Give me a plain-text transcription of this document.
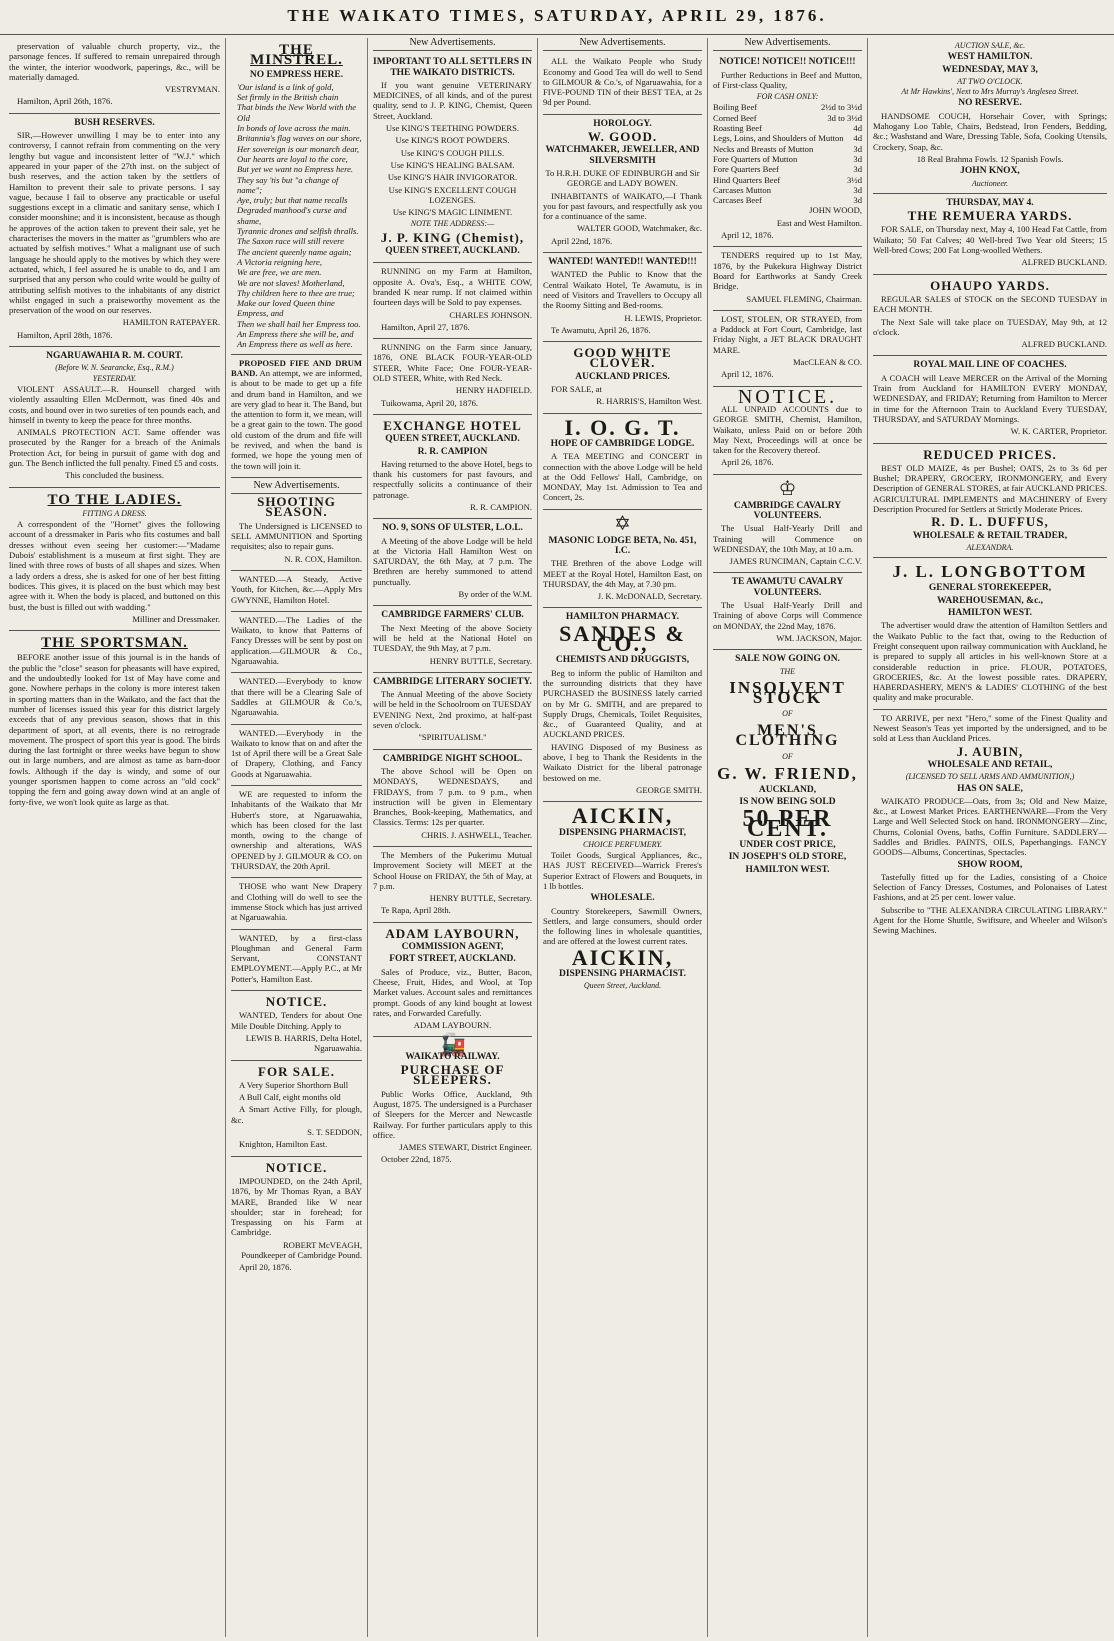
THE WAIKATO TIMES, SATURDAY, APRIL 29, 1876.

preservation of valuable church property, viz., the parsonage fences. If suffered to remain unrepaired through the winter, the interior woodwork, paperings, &c., will be materially damaged.

VESTRYMAN.

Hamilton, April 26th, 1876.

BUSH RESERVES.

SIR,—However unwilling I may be to enter into any controversy, I cannot refrain from commenting on the very lengthy but vague and inconsistent letter of "W.J." which appeared in your paper of the 27th inst. on the subject of bush reserves, and the action taken by the settlers of Hamilton to prevent their sale to private persons. I say vague, because I fail to observe any practicable or useful suggestions except in a climatic and sanitary sense, which I consider moonshine; and it is inconsistent, because as though he approves of the action taken to prevent their sale, yet he characterises the movers in the matter as "grumblers who are actuated by selfish motives." What a malignant use of such language he should apply to the motives by which they were actuated, which, I feel assured he is unable to do, and I am surprised that any person who could write would be guilty of attributing selfish motives to the inhabitants of any district whilst engaged in such a praiseworthy movement as the preservation of the wood on our reserves.

HAMILTON RATEPAYER.

Hamilton, April 28th, 1876.

NGARUAWAHIA R. M. COURT.
(Before W. N. Searancke, Esq., R.M.)
YESTERDAY.

VIOLENT ASSAULT.—R. Hounsell charged with violently assaulting Ellen McDermott, was fined 40s and costs, and bound over in two sureties of ten pounds each, and himself in twenty to keep the peace for three months.

ANIMALS PROTECTION ACT. Same offender was prosecuted by the Ranger for a breach of the Animals Protection Act, for being in pursuit of game with dog and gun. The Bench inflicted the full penalty. Fined £5 and costs.

This concluded the business.

TO THE LADIES.
FITTING A DRESS.

A correspondent of the "Hornet" gives the following account of a dressmaker in Paris who fits costumes and ball dresses without even seeing her customer:—"Madame Dubois' establishment is a museum at first sight. They are lined with three rows of busts of all shapes and sizes. When a lady orders a dress, she is asked for one of her best fitting bodices. This gives, it is placed on the bust which may best agree with it. When the body is placed, and buttoned on this bust, the bust is filled out with wadding."

Milliner and Dressmaker.

THE SPORTSMAN.

BEFORE another issue of this journal is in the hands of the public the "close" season for pheasants will have expired, and the undoubtedly looked for 1st of May have come and gone. Nowhere perhaps in the colony is more interest taken in sporting matters than in the Waikato, and the fact that the number of licenses issued this year for this district largely exceeds that of any previous season, shows that in this department of sport, at all events, there is no retrograde movement. The prospect of sport this year is good. The birds during the last fortnight or three weeks have begun to show out in large numbers, and are almost as tame as barn-door fowls. Although if the day is windy, and some of our younger sportsmen happen to come across an "old cock" topping the fern and going away down wind at an angle of forty-five, we won't look quite as large as that.

THE MINSTREL.
NO EMPRESS HERE.
'Our island is a link of gold,
Set firmly in the British chain
That binds the New World with the Old
In bonds of love across the main.
Britannia's flag waves on our shore,
Her sovereign is our monarch dear,
Our hearts are loyal to the core,
But yet we want no Empress here.
They say 'tis but "a change of name";
Aye, truly; but that name recalls
Degraded manhood's curse and shame,
Tyrannic drones and selfish thralls.
The Saxon race will still revere
The ancient queenly name again;
A Victoria reigning here,
We are free, we are men.
We are not slaves! Motherland,
Thy children here to thee are true;
Make our loved Queen thine Empress, and
Then we shall hail her Empress too.
An Empress there she will be, and
An Empress there as well as here.

PROPOSED FIFE AND DRUM BAND. An attempt, we are informed, is about to be made to get up a fife and drum band in Hamilton, and we are very glad to hear it. The Band, but the attention to form it, we mean, will be a great gain to the town. The good old custom of the drum and fife will be revived, and when the band is formed, we hope the young men of the town will join it.

New Advertisements.
SHOOTING SEASON.

The Undersigned is LICENSED to SELL AMMUNITION and Sporting requisites; also to repair guns.

N. R. COX, Hamilton.

WANTED.—A Steady, Active Youth, for Kitchen, &c.—Apply Mrs GWYNNE, Hamilton Hotel.

WANTED.—The Ladies of the Waikato, to know that Patterns of Fancy Dresses will be sent by post on application.—GILMOUR & Co., Ngaruawahia.

WANTED.—Everybody to know that there will be a Clearing Sale of Saddles at GILMOUR & Co.'s, Ngaruawahia.

WANTED.—Everybody in the Waikato to know that on and after the 1st of April there will be a Great Sale of Drapery, Clothing, and Fancy Goods at Ngaruawahia.

WE are requested to inform the Inhabitants of the Waikato that Mr Hubert's store, at Ngaruawahia, which has been closed for the last month, owing to the change of ownership and alterations, WAS OPENED by J. GILMOUR & CO. on THURSDAY, the 20th April.

THOSE who want New Drapery and Clothing will do well to see the immense Stock which has just arrived at Ngaruawahia.

WANTED, by a first-class Ploughman and General Farm Servant, CONSTANT EMPLOYMENT.—Apply P.C., at Mr Potter's, Hamilton East.

NOTICE.

WANTED, Tenders for about One Mile Double Ditching. Apply to

LEWIS B. HARRIS, Delta Hotel, Ngaruawahia.

FOR SALE.

A Very Superior Shorthorn Bull

A Bull Calf, eight months old

A Smart Active Filly, for plough, &c.

S. T. SEDDON,

Knighton, Hamilton East.

NOTICE.

IMPOUNDED, on the 24th April, 1876, by Mr Thomas Ryan, a BAY MARE, Branded like W near shoulder; star in forehead; for Trespassing on his Farm at Cambridge.

ROBERT McVEAGH, Poundkeeper of Cambridge Pound.

April 20, 1876.

New Advertisements.
IMPORTANT TO ALL SETTLERS IN THE WAIKATO DISTRICTS.

If you want genuine VETERINARY MEDICINES, of all kinds, and of the purest quality, send to J. P. KING, Chemist, Queen Street, Auckland.

Use KING'S TEETHING POWDERS.

Use KING'S ROOT POWDERS.

Use KING'S COUGH PILLS.

Use KING'S HEALING BALSAM.

Use KING'S HAIR INVIGORATOR.

Use KING'S EXCELLENT COUGH LOZENGES.

Use KING'S MAGIC LINIMENT.

NOTE THE ADDRESS:—
J. P. KING (Chemist),
QUEEN STREET, AUCKLAND.

RUNNING on my Farm at Hamilton, opposite A. Ova's, Esq., a WHITE COW, branded K near rump. If not claimed within fourteen days will be Sold to pay expenses.

CHARLES JOHNSON.

Hamilton, April 27, 1876.

RUNNING on the Farm since January, 1876, ONE BLACK FOUR-YEAR-OLD STEER, White Face; One FOUR-YEAR-OLD STEER, White, with Red Neck.

HENRY HADFIELD.

Tuikowama, April 20, 1876.

EXCHANGE HOTEL
QUEEN STREET, AUCKLAND.
R. R. CAMPION

Having returned to the above Hotel, begs to thank his customers for past favours, and respectfully solicits a continuance of their patronage.

R. R. CAMPION.

NO. 9, SONS OF ULSTER, L.O.L.

A Meeting of the above Lodge will be held at the Victoria Hall Hamilton West on SATURDAY, the 6th May, at 7 p.m. The Brethren are hereby summoned to attend punctually.

By order of the W.M.

CAMBRIDGE FARMERS' CLUB.

The Next Meeting of the above Society will be held at the National Hotel on TUESDAY, the 9th May, at 7 p.m.

HENRY BUTTLE, Secretary.

CAMBRIDGE LITERARY SOCIETY.

The Annual Meeting of the above Society will be held in the Schoolroom on TUESDAY EVENING Next, 2nd proximo, at half-past seven o'clock.

"SPIRITUALISM."

CAMBRIDGE NIGHT SCHOOL.

The above School will be Open on MONDAYS, WEDNESDAYS, and FRIDAYS, from 7 p.m. to 9 p.m., when instruction will be given in Elementary Branches, Book-keeping, Mathematics, and Classics. Terms: 12s per quarter.

CHRIS. J. ASHWELL, Teacher.

The Members of the Pukerimu Mutual Improvement Society will MEET at the School House on FRIDAY, the 5th of May, at 7 p.m.

HENRY BUTTLE, Secretary.

Te Rapa, April 28th.

ADAM LAYBOURN,
COMMISSION AGENT,
FORT STREET, AUCKLAND.

Sales of Produce, viz., Butter, Bacon, Cheese, Fruit, Hides, and Wool, at Top Market values. Account sales and remittances prompt. Goods of any kind bought at lowest rates, and Forwarded Carefully.

ADAM LAYBOURN.

🚂
WAIKATO RAILWAY.
PURCHASE OF SLEEPERS.

Public Works Office, Auckland, 9th August, 1875. The undersigned is a Purchaser of Sleepers for the Mercer and Newcastle Railway. For further particulars apply to this office.

JAMES STEWART, District Engineer.

October 22nd, 1875.

New Advertisements.

ALL the Waikato People who Study Economy and Good Tea will do well to Send to GILMOUR & Co.'s, of Ngaruawahia, for a FIVE-POUND TIN of their BEST TEA, at 2s 9d per Pound.

HOROLOGY.
W. GOOD.
WATCHMAKER, JEWELLER, AND SILVERSMITH

To H.R.H. DUKE OF EDINBURGH and Sir GEORGE and LADY BOWEN.

INHABITANTS of WAIKATO,—I Thank you for past favours, and respectfully ask you for a continuance of the same.

WALTER GOOD, Watchmaker, &c.

April 22nd, 1876.

WANTED! WANTED!! WANTED!!!

WANTED the Public to Know that the Central Waikato Hotel, Te Awamutu, is in need of Visitors and Travellers to Occupy all the Roomy Sitting and Bed-rooms.

H. LEWIS, Proprietor.

Te Awamutu, April 26, 1876.

GOOD WHITE CLOVER.
AUCKLAND PRICES.

FOR SALE, at

R. HARRIS'S, Hamilton West.

I. O. G. T.
HOPE OF CAMBRIDGE LODGE.

A TEA MEETING and CONCERT in connection with the above Lodge will be held at the Odd Fellows' Hall, Cambridge, on MONDAY, May 1st. Admission to Tea and Concert, 2s.

✡
MASONIC LODGE BETA, No. 451, I.C.

THE Brethren of the above Lodge will MEET at the Royal Hotel, Hamilton East, on THURSDAY, the 4th May, at 7.30 pm.

J. K. McDONALD, Secretary.

HAMILTON PHARMACY.
SANDES & CO.,
CHEMISTS AND DRUGGISTS,

Beg to inform the public of Hamilton and the surrounding districts that they have PURCHASED the BUSINESS lately carried on by Mr G. SMITH, and are prepared to Supply Drugs, Chemicals, Toilet Requisites, &c., of Guaranteed Quality, and at AUCKLAND PRICES.

HAVING Disposed of my Business as above, I beg to Thank the Residents in the Waikato District for the liberal patronage bestowed on me.

GEORGE SMITH.

AICKIN,
DISPENSING PHARMACIST,
CHOICE PERFUMERY.

Toilet Goods, Surgical Appliances, &c., HAS JUST RECEIVED—Warrick Freres's Superior Extract of Flowers and Bouquets, in 1 lb bottles.

WHOLESALE.

Country Storekeepers, Sawmill Owners, Settlers, and large consumers, should order the following lines in wholesale quantities, and are offered at the lowest current rates.

AICKIN,
DISPENSING PHARMACIST.
Queen Street, Auckland.
New Advertisements.
NOTICE! NOTICE!! NOTICE!!!

Further Reductions in Beef and Mutton, of First-class Quality,

FOR CASH ONLY:
Boiling Beef	2½d to 3½d
Corned Beef	3d to 3½d
Roasting Beef	4d
Legs, Loins, and Shoulders of Mutton 4d
Necks and Breasts of Mutton	3d
Fore Quarters of Mutton	3d
Fore Quarters Beef	3d
Hind Quarters Beef	3½d
Carcases Mutton	3d
Carcases Beef	3d

JOHN WOOD,

East and West Hamilton.

April 12, 1876.

TENDERS required up to 1st May, 1876, by the Pukekura Highway District Board for Earthworks at Sandy Creek Bridge.

SAMUEL FLEMING, Chairman.

LOST, STOLEN, OR STRAYED, from a Paddock at Fort Court, Cambridge, last Friday Night, a JET BLACK DRAUGHT MARE.

MacCLEAN & CO.

April 12, 1876.

NOTICE.

ALL UNPAID ACCOUNTS due to GEORGE SMITH, Chemist, Hamilton, Waikato, unless Paid on or before 20th May Next, Proceedings will at once be taken for the Recovery thereof.

April 26, 1876.

♔
CAMBRIDGE CAVALRY VOLUNTEERS.

The Usual Half-Yearly Drill and Training will Commence on WEDNESDAY, the 10th May, at 10 a.m.

JAMES RUNCIMAN, Captain C.C.V.

TE AWAMUTU CAVALRY VOLUNTEERS.

The Usual Half-Yearly Drill and Training of above Corps will Commence on MONDAY, the 22nd May, 1876.

WM. JACKSON, Major.

SALE NOW GOING ON.
THE
INSOLVENT STOCK
OF
MEN'S CLOTHING
OF
G. W. FRIEND,
AUCKLAND,
IS NOW BEING SOLD
50 PER CENT.
UNDER COST PRICE,
IN JOSEPH'S OLD STORE,
HAMILTON WEST.
AUCTION SALE, &c.
WEST HAMILTON.
WEDNESDAY, MAY 3,
AT TWO O'CLOCK.
At Mr Hawkins', Next to Mrs Murray's Anglesea Street.
NO RESERVE.

HANDSOME COUCH, Horsehair Cover, with Springs; Mahogany Loo Table, Chairs, Bedstead, Iron Fenders, Bedding, &c.; Washstand and Ware, Dressing Table, Sofa, Cooking Utensils, Crockery, Soap, &c.

18 Real Brahma Fowls. 12 Spanish Fowls.

JOHN KNOX,
Auctioneer.
THURSDAY, MAY 4.
THE REMUERA YARDS.

FOR SALE, on Thursday next, May 4, 100 Head Fat Cattle, from Waikato; 50 Fat Calves; 40 Well-bred Two Year old Steers; 15 Well-bred Cows; 200 Fat Long-woolled Wethers.

ALFRED BUCKLAND.

OHAUPO YARDS.

REGULAR SALES of STOCK on the SECOND TUESDAY in EACH MONTH.

The Next Sale will take place on TUESDAY, May 9th, at 12 o'clock.

ALFRED BUCKLAND.

ROYAL MAIL LINE OF COACHES.

A COACH will Leave MERCER on the Arrival of the Morning Train from Auckland for HAMILTON EVERY MONDAY, WEDNESDAY, and FRIDAY; Returning from Hamilton to Mercer in time for the Afternoon Train to Auckland Every TUESDAY, THURSDAY, and SATURDAY Mornings.

W. K. CARTER, Proprietor.

REDUCED PRICES.

BEST OLD MAIZE, 4s per Bushel; OATS, 2s to 3s 6d per Bushel; DRAPERY, GROCERY, IRONMONGERY, and Every Description of GENERAL STORES, at fair AUCKLAND PRICES. AGRICULTURAL IMPLEMENTS and MACHINERY of Every Description Procured for Settlers at Strictly Moderate Prices.

R. D. L. DUFFUS,
WHOLESALE & RETAIL TRADER,
ALEXANDRA.
J. L. LONGBOTTOM
GENERAL STOREKEEPER,
WAREHOUSEMAN, &c.,
HAMILTON WEST.

The advertiser would draw the attention of Hamilton Settlers and the Waikato Public to the fact that, owing to the Reduction of Freight consequent upon railway communication with Auckland, he is prepared to supply all articles in his well-known Store at a considerable reduction in price. FLOUR, POTATOES, GROCERIES, &c. At the lowest possible rates. DRAPERY, HABERDASHERY, MEN'S & LADIES' CLOTHING of the best quality and make procurable.

TO ARRIVE, per next "Hero," some of the Finest Quality and Newest Season's Teas yet imported by the undersigned, and to be sold at Less than Auckland Prices.

J. AUBIN,
WHOLESALE AND RETAIL,
(LICENSED TO SELL ARMS AND AMMUNITION,)
HAS ON SALE,

WAIKATO PRODUCE—Oats, from 3s; Old and New Maize, &c., at Lowest Market Prices. EARTHENWARE—From the Very Large and Well Selected Stock on hand. IRONMONGERY—Zinc, Churns, Colonial Ovens, baths, Coffin Furniture. SADDLERY—Saddles and Bridles. PAINTS, OILS, Paperhangings. FANCY GOODS—Albums, Concertinas, Spectacles.

SHOW ROOM,

Tastefully fitted up for the Ladies, consisting of a Choice Selection of Fancy Dresses, Costumes, and Polonaises of Latest Fashions, and at 25 per cent. lower value.

Subscribe to "THE ALEXANDRA CIRCULATING LIBRARY." Agent for the Home Shuttle, Swiftsure, and Wheeler and Wilson's Sewing Machines.
